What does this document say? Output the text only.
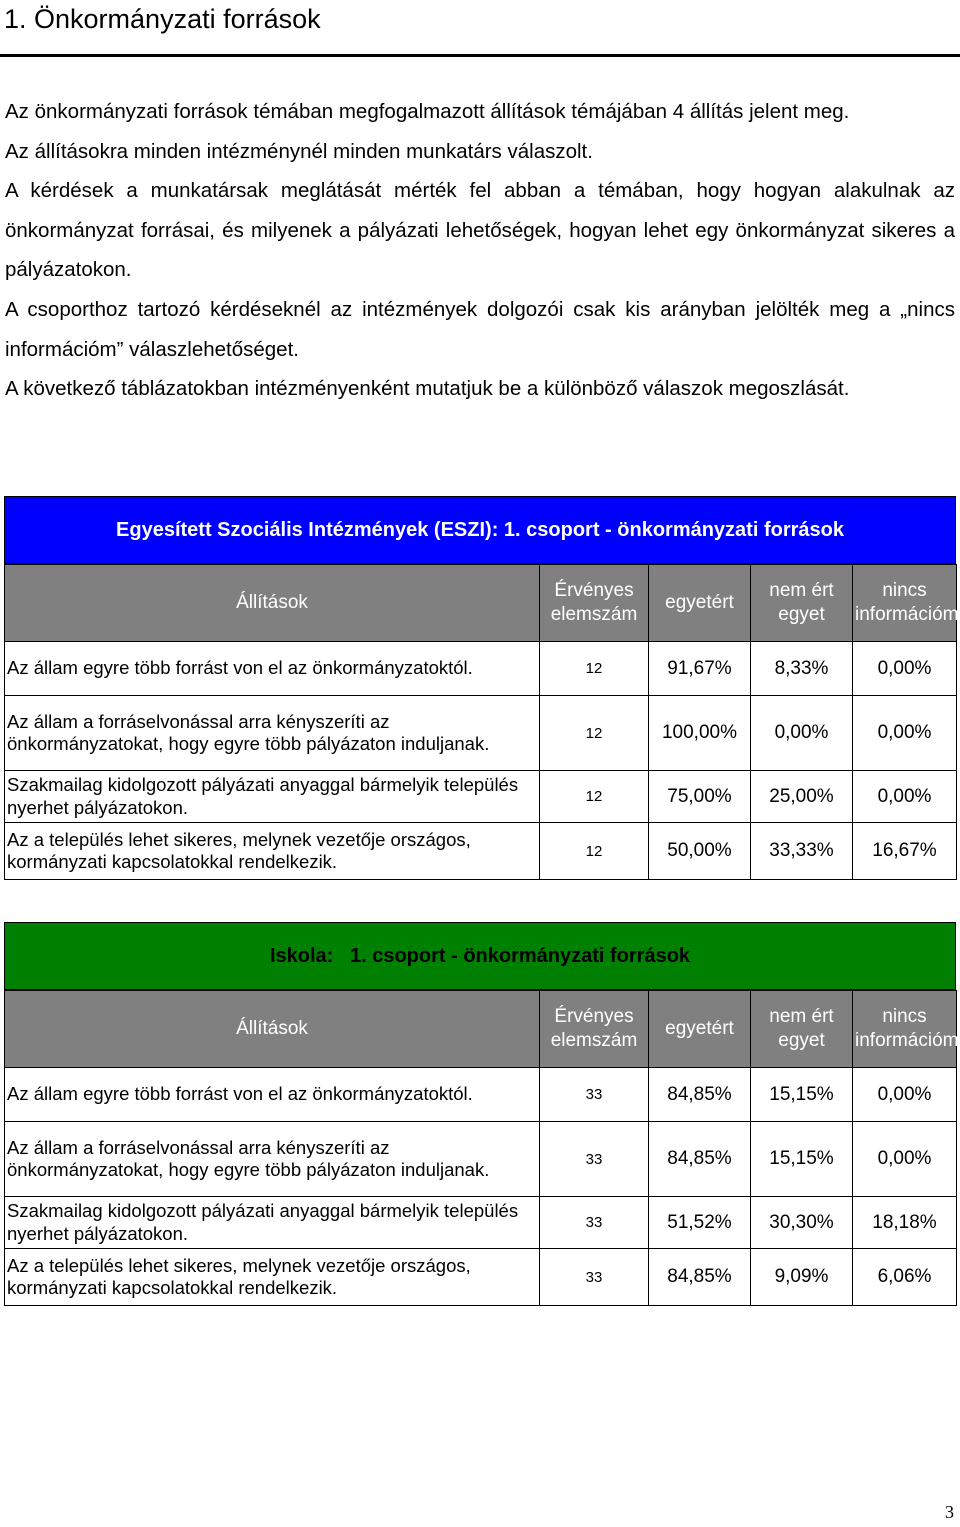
1. Önkormányzati források

Az önkormányzati források témában megfogalmazott állítások témájában 4 állítás jelent meg.

Az állításokra minden intézménynél minden munkatárs válaszolt.

A kérdések a munkatársak meglátását mérték fel abban a témában, hogy hogyan alakulnak az önkormányzat forrásai, és milyenek a pályázati lehetőségek, hogyan lehet egy önkormányzat sikeres a pályázatokon.

A csoporthoz tartozó kérdéseknél az intézmények dolgozói csak kis arányban jelölték meg a „nincs információm” válaszlehetőséget.

A következő táblázatokban intézményenként mutatjuk be a különböző válaszok megoszlását.

Egyesített Szociális Intézmények (ESZI): 1. csoport - önkormányzati források
Állítások	Érvényes elemszám	egyetért	nem ért egyet	nincs információm
Az állam egyre több forrást von el az önkormányzatoktól.	12	91,67%	8,33%	0,00%
Az állam a forráselvonással arra kényszeríti az önkormányzatokat, hogy egyre több pályázaton induljanak.	12	100,00%	0,00%	0,00%
Szakmailag kidolgozott pályázati anyaggal bármelyik település nyerhet pályázatokon.	12	75,00%	25,00%	0,00%
Az a település lehet sikeres, melynek vezetője országos, kormányzati kapcsolatokkal rendelkezik.	12	50,00%	33,33%	16,67%
Iskola:   1. csoport - önkormányzati források
Állítások	Érvényes elemszám	egyetért	nem ért egyet	nincs információm
Az állam egyre több forrást von el az önkormányzatoktól.	33	84,85%	15,15%	0,00%
Az állam a forráselvonással arra kényszeríti az önkormányzatokat, hogy egyre több pályázaton induljanak.	33	84,85%	15,15%	0,00%
Szakmailag kidolgozott pályázati anyaggal bármelyik település nyerhet pályázatokon.	33	51,52%	30,30%	18,18%
Az a település lehet sikeres, melynek vezetője országos, kormányzati kapcsolatokkal rendelkezik.	33	84,85%	9,09%	6,06%
3
